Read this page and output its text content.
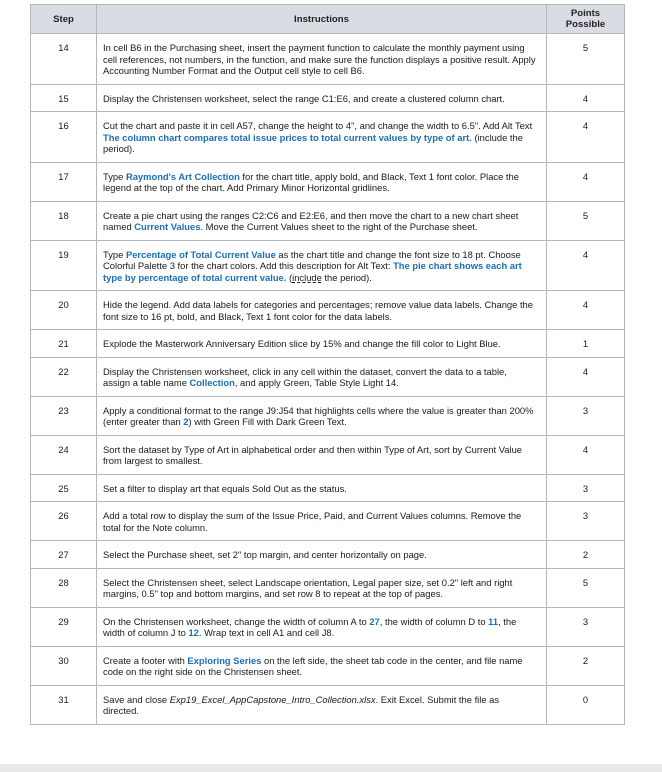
Step	Instructions	Points Possible
14	In cell B6 in the Purchasing sheet, insert the payment function to calculate the monthly payment using cell references, not numbers, in the function, and make sure the function displays a positive result. Apply Accounting Number Format and the Output cell style to cell B6.	5
15	Display the Christensen worksheet, select the range C1:E6, and create a clustered column chart.	4
16	Cut the chart and paste it in cell A57, change the height to 4", and change the width to 6.5". Add Alt Text The column chart compares total issue prices to total current values by type of art. (include the period).	4
17	Type Raymond's Art Collection for the chart title, apply bold, and Black, Text 1 font color. Place the legend at the top of the chart. Add Primary Minor Horizontal gridlines.	4
18	Create a pie chart using the ranges C2:C6 and E2:E6, and then move the chart to a new chart sheet named Current Values. Move the Current Values sheet to the right of the Purchase sheet.	5
19	Type Percentage of Total Current Value as the chart title and change the font size to 18 pt. Choose Colorful Palette 3 for the chart colors. Add this description for Alt Text: The pie chart shows each art type by percentage of total current value. (include the period).	4
20	Hide the legend. Add data labels for categories and percentages; remove value data labels. Change the font size to 16 pt, bold, and Black, Text 1 font color for the data labels.	4
21	Explode the Masterwork Anniversary Edition slice by 15% and change the fill color to Light Blue.	1
22	Display the Christensen worksheet, click in any cell within the dataset, convert the data to a table, assign a table name Collection, and apply Green, Table Style Light 14.	4
23	Apply a conditional format to the range J9:J54 that highlights cells where the value is greater than 200% (enter greater than 2) with Green Fill with Dark Green Text.	3
24	Sort the dataset by Type of Art in alphabetical order and then within Type of Art, sort by Current Value from largest to smallest.	4
25	Set a filter to display art that equals Sold Out as the status.	3
26	Add a total row to display the sum of the Issue Price, Paid, and Current Values columns. Remove the total for the Note column.	3
27	Select the Purchase sheet, set 2" top margin, and center horizontally on page.	2
28	Select the Christensen sheet, select Landscape orientation, Legal paper size, set 0.2" left and right margins, 0.5" top and bottom margins, and set row 8 to repeat at the top of pages.	5
29	On the Christensen worksheet, change the width of column A to 27, the width of column D to 11, the width of column J to 12. Wrap text in cell A1 and cell J8.	3
30	Create a footer with Exploring Series on the left side, the sheet tab code in the center, and file name code on the right side on the Christensen sheet.	2
31	Save and close Exp19_Excel_AppCapstone_Intro_Collection.xlsx. Exit Excel. Submit the file as directed.	0
